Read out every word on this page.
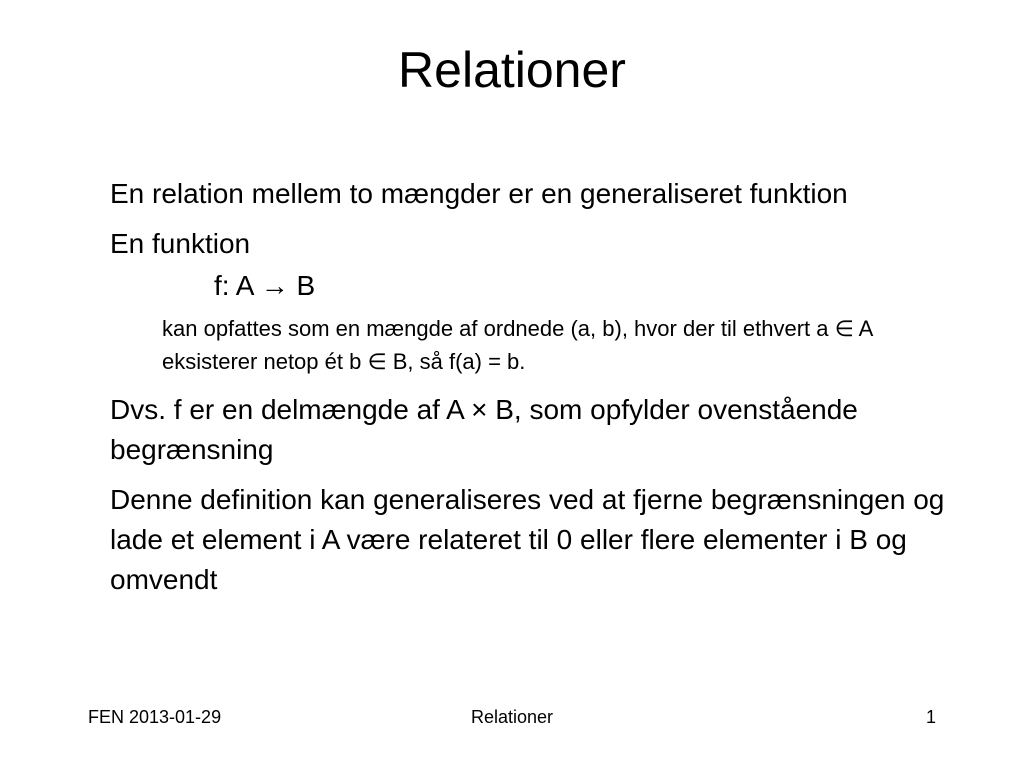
Relationer

En relation mellem to mængder er en generaliseret funktion

En funktion

f: A → B

kan opfattes som en mængde af ordnede (a, b), hvor der til ethvert a ∈ A eksisterer netop ét b ∈ B, så f(a) = b.

Dvs. f er en delmængde af A × B, som opfylder ovenstående begrænsning

Denne definition kan generaliseres ved at fjerne begrænsningen og lade et element i A være relateret til 0 eller flere elementer i B og omvendt

FEN 2013-01-29	Relationer	1
